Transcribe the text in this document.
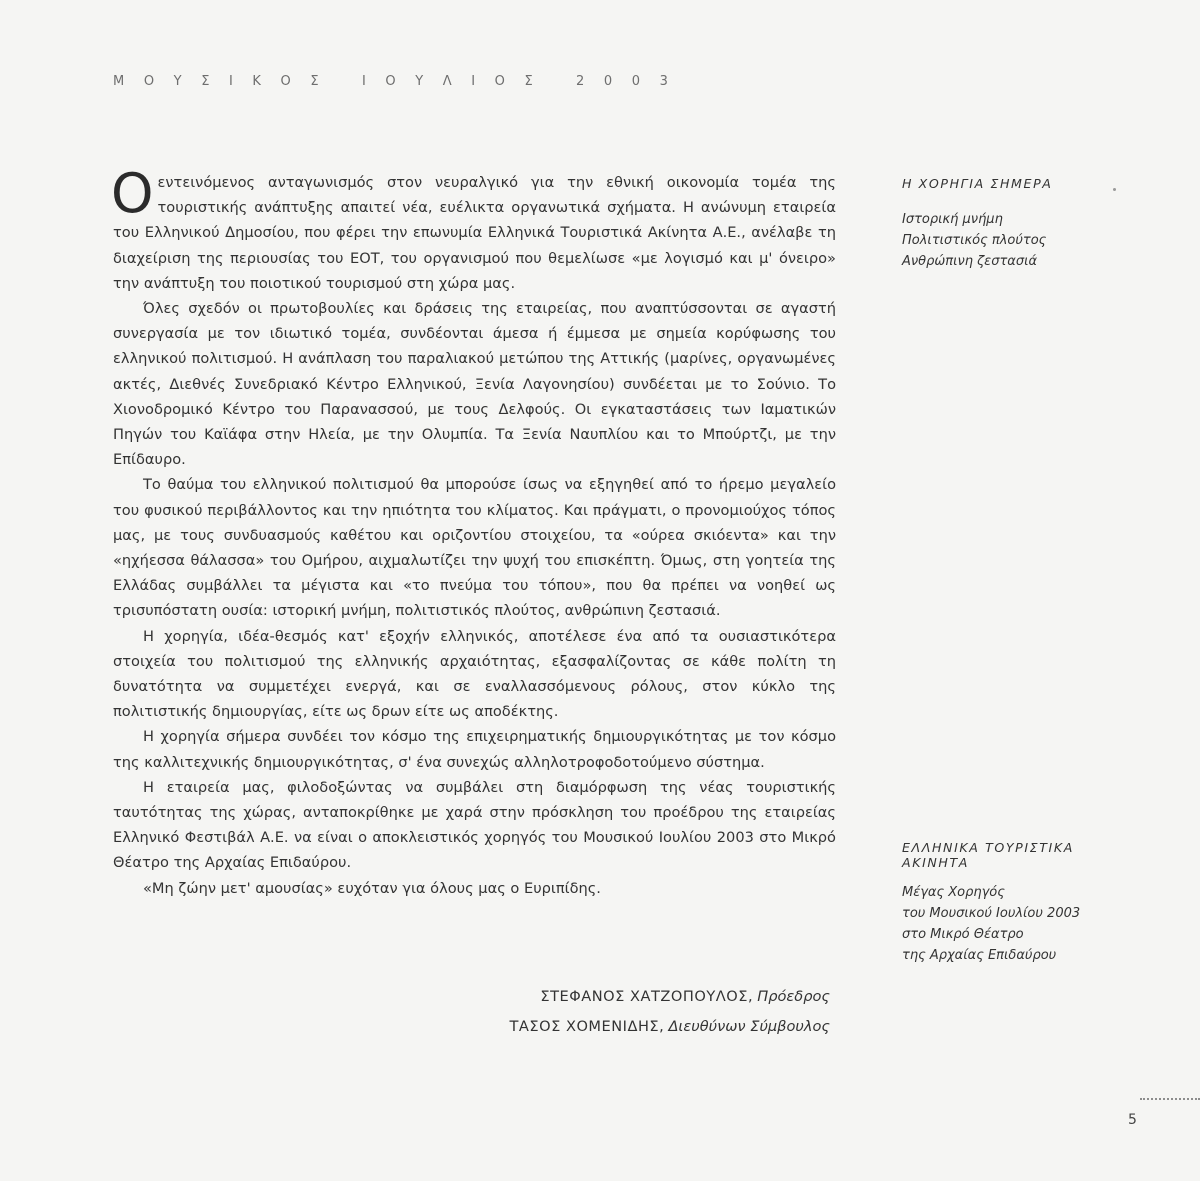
ΜΟΥΣΙΚΟΣ ΙΟΥΛΙΟΣ 2003

Οεντεινόμενος ανταγωνισμός στον νευραλγικό για την εθνική οικονομία τομέα της τουριστικής ανάπτυξης απαιτεί νέα, ευέλικτα οργανωτικά σχήματα. Η ανώνυμη εταιρεία του Ελληνικού Δημοσίου, που φέρει την επωνυμία Ελληνικά Τουριστικά Ακίνητα Α.Ε., ανέλαβε τη διαχείριση της περιουσίας του ΕΟΤ, του οργανισμού που θεμελίωσε «με λογισμό και μ' όνειρο» την ανάπτυξη του ποιοτικού τουρισμού στη χώρα μας.

Όλες σχεδόν οι πρωτοβουλίες και δράσεις της εταιρείας, που αναπτύσσονται σε αγαστή συνεργασία με τον ιδιωτικό τομέα, συνδέονται άμεσα ή έμμεσα με σημεία κορύφωσης του ελληνικού πολιτισμού. Η ανάπλαση του παραλιακού μετώπου της Αττικής (μαρίνες, οργανωμένες ακτές, Διεθνές Συνεδριακό Κέντρο Ελληνικού, Ξενία Λαγονησίου) συνδέεται με το Σούνιο. Το Χιονοδρομικό Κέντρο του Παρανασσού, με τους Δελφούς. Οι εγκαταστάσεις των Ιαματικών Πηγών του Καϊάφα στην Ηλεία, με την Ολυμπία. Τα Ξενία Ναυπλίου και το Μπούρτζι, με την Επίδαυρο.

Το θαύμα του ελληνικού πολιτισμού θα μπορούσε ίσως να εξηγηθεί από το ήρεμο μεγαλείο του φυσικού περιβάλλοντος και την ηπιότητα του κλίματος. Και πράγματι, ο προνομιούχος τόπος μας, με τους συνδυασμούς καθέτου και οριζοντίου στοιχείου, τα «ούρεα σκιόεντα» και την «ηχήεσσα θάλασσα» του Ομήρου, αιχμαλωτίζει την ψυχή του επισκέπτη. Όμως, στη γοητεία της Ελλάδας συμβάλλει τα μέγιστα και «το πνεύμα του τόπου», που θα πρέπει να νοηθεί ως τρισυπόστατη ουσία: ιστορική μνήμη, πολιτιστικός πλούτος, ανθρώπινη ζεστασιά.

Η χορηγία, ιδέα-θεσμός κατ' εξοχήν ελληνικός, αποτέλεσε ένα από τα ουσιαστικότερα στοιχεία του πολιτισμού της ελληνικής αρχαιότητας, εξασφαλίζοντας σε κάθε πολίτη τη δυνατότητα να συμμετέχει ενεργά, και σε εναλλασσόμενους ρόλους, στον κύκλο της πολιτιστικής δημιουργίας, είτε ως δρων είτε ως αποδέκτης.

Η χορηγία σήμερα συνδέει τον κόσμο της επιχειρηματικής δημιουργικότητας με τον κόσμο της καλλιτεχνικής δημιουργικότητας, σ' ένα συνεχώς αλληλοτροφοδοτούμενο σύστημα.

Η εταιρεία μας, φιλοδοξώντας να συμβάλει στη διαμόρφωση της νέας τουριστικής ταυτότητας της χώρας, ανταποκρίθηκε με χαρά στην πρόσκληση του προέδρου της εταιρείας Ελληνικό Φεστιβάλ Α.Ε. να είναι ο αποκλειστικός χορηγός του Μουσικού Ιουλίου 2003 στο Μικρό Θέατρο της Αρχαίας Επιδαύρου.

«Μη ζώην μετ' αμουσίας» ευχόταν για όλους μας ο Ευριπίδης.

ΣΤΕΦΑΝΟΣ ΧΑΤΖΟΠΟΥΛΟΣ, Πρόεδρος
ΤΑΣΟΣ ΧΟΜΕΝΙΔΗΣ, Διευθύνων Σύμβουλος
Η ΧΟΡΗΓΙΑ ΣΗΜΕΡΑ
Ιστορική μνήμη
Πολιτιστικός πλούτος
Ανθρώπινη ζεστασιά
ΕΛΛΗΝΙΚΑ ΤΟΥΡΙΣΤΙΚΑ ΑΚΙΝΗΤΑ
Μέγας Χορηγός
του Μουσικού Ιουλίου 2003
στο Μικρό Θέατρο
της Αρχαίας Επιδαύρου
5
